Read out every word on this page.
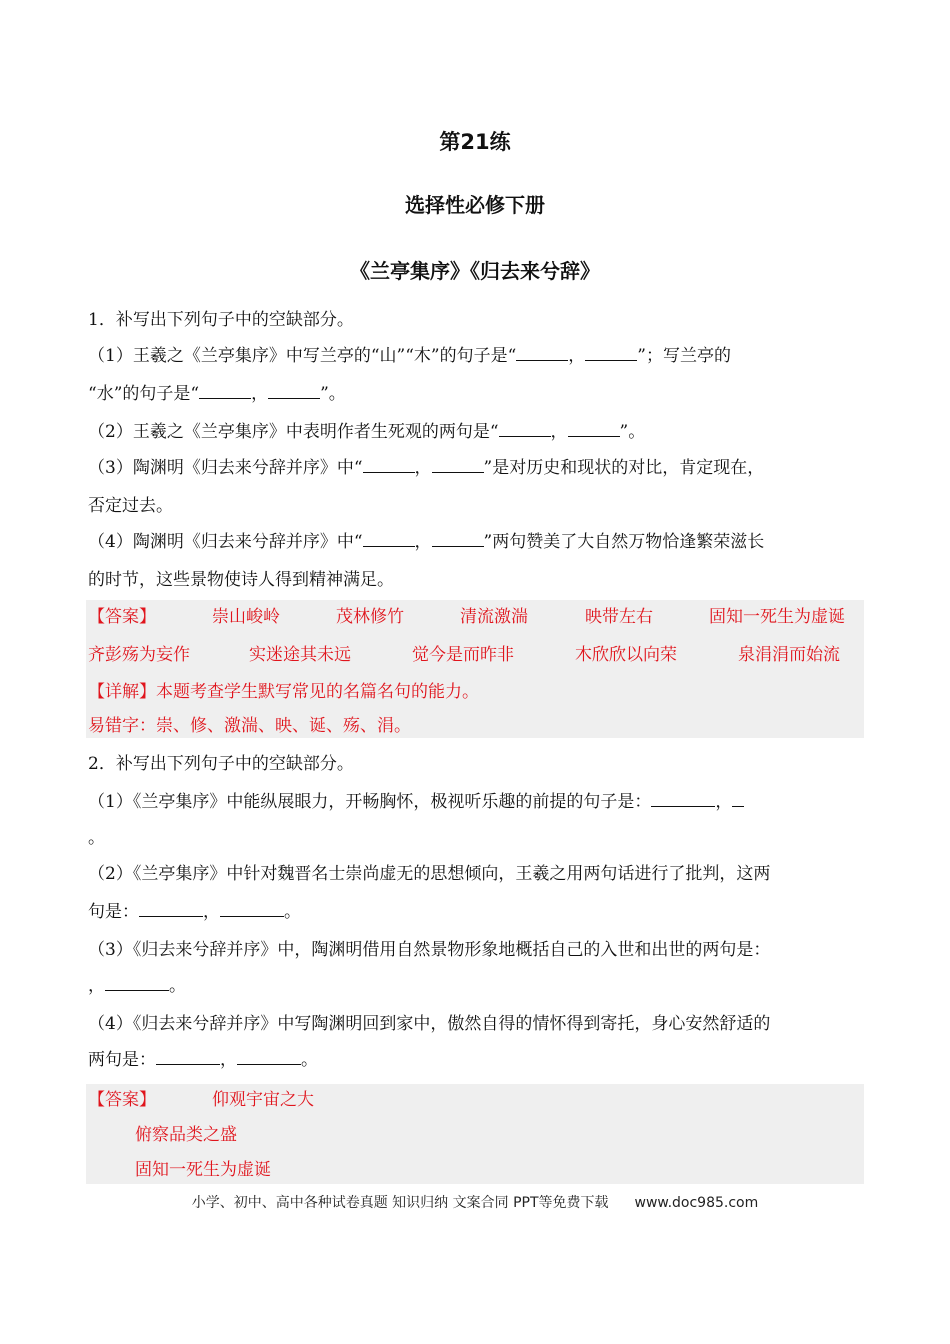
第21练
选择性必修下册
《兰亭集序》《归去来兮辞》
1．补写出下列句子中的空缺部分。
（1）王羲之《兰亭集序》中写兰亭的“山”“木”的句子是“	，	”；写兰亭的
“水”的句子是“	，	”。
（2）王羲之《兰亭集序》中表明作者生死观的两句是“	，	”。
（3）陶渊明《归去来兮辞并序》中“	，	”是对历史和现状的对比，肯定现在，
否定过去。
（4）陶渊明《归去来兮辞并序》中“	，	”两句赞美了大自然万物恰逢繁荣滋长
的时节，这些景物使诗人得到精神满足。
【答案】	崇山峻岭	茂林修竹	清流激湍	映带左右	固知一死生为虚诞
齐彭殇为妄作	实迷途其未远	觉今是而昨非	木欣欣以向荣	泉涓涓而始流
【详解】本题考查学生默写常见的名篇名句的能力。
易错字：崇、修、激湍、映、诞、殇、涓。
2．补写出下列句子中的空缺部分。
（1）《兰亭集序》中能纵展眼力，开畅胸怀，极视听乐趣的前提的句子是：	，
。
（2）《兰亭集序》中针对魏晋名士崇尚虚无的思想倾向，王羲之用两句话进行了批判，这两
句是：	，	。
（3）《归去来兮辞并序》中，陶渊明借用自然景物形象地概括自己的入世和出世的两句是：
，	。
（4）《归去来兮辞并序》中写陶渊明回到家中，傲然自得的情怀得到寄托，身心安然舒适的
两句是：	，	。
【答案】	仰观宇宙之大
俯察品类之盛
固知一死生为虚诞
小学、初中、高中各种试卷真题 知识归纳 文案合同 PPT等免费下载 www.doc985.com
